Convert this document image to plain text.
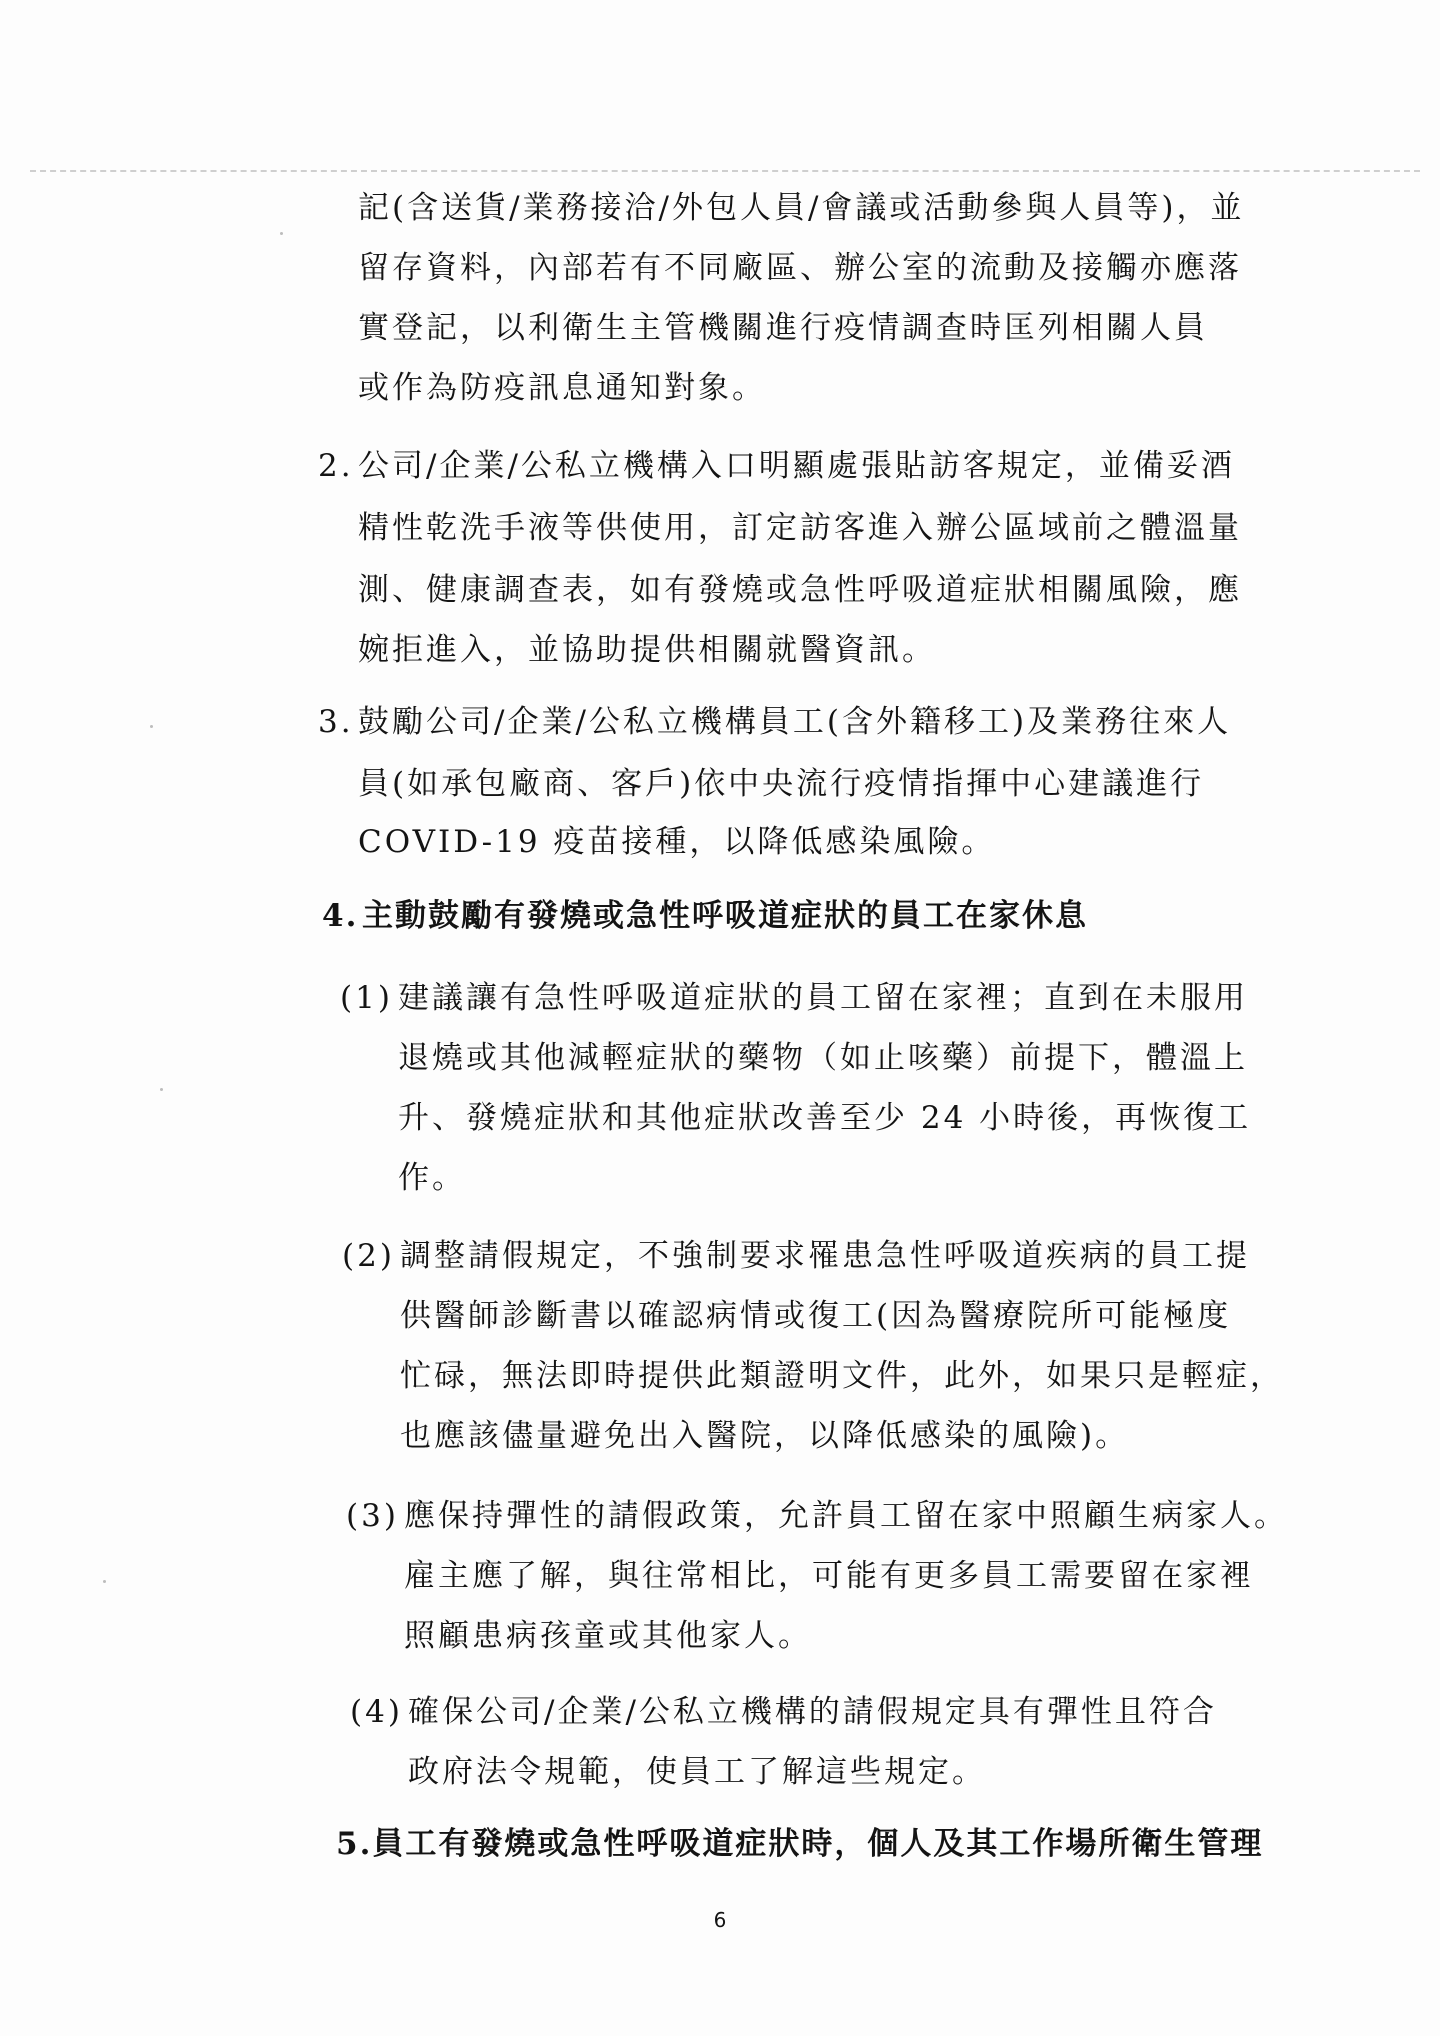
記(含送貨/業務接洽/外包人員/會議或活動參與人員等)，並
留存資料，內部若有不同廠區、辦公室的流動及接觸亦應落
實登記，以利衛生主管機關進行疫情調查時匡列相關人員
或作為防疫訊息通知對象。
2. 公司/企業/公私立機構入口明顯處張貼訪客規定，並備妥酒
精性乾洗手液等供使用，訂定訪客進入辦公區域前之體溫量
測、健康調查表，如有發燒或急性呼吸道症狀相關風險，應
婉拒進入，並協助提供相關就醫資訊。
3. 鼓勵公司/企業/公私立機構員工(含外籍移工)及業務往來人
員(如承包廠商、客戶)依中央流行疫情指揮中心建議進行
COVID-19 疫苗接種，以降低感染風險。
4. 主動鼓勵有發燒或急性呼吸道症狀的員工在家休息
(1) 建議讓有急性呼吸道症狀的員工留在家裡；直到在未服用
退燒或其他減輕症狀的藥物（如止咳藥）前提下，體溫上
升、發燒症狀和其他症狀改善至少 24 小時後，再恢復工
作。
(2) 調整請假規定，不強制要求罹患急性呼吸道疾病的員工提
供醫師診斷書以確認病情或復工(因為醫療院所可能極度
忙碌，無法即時提供此類證明文件，此外，如果只是輕症，
也應該儘量避免出入醫院，以降低感染的風險)。
(3) 應保持彈性的請假政策，允許員工留在家中照顧生病家人。
雇主應了解，與往常相比，可能有更多員工需要留在家裡
照顧患病孩童或其他家人。
(4) 確保公司/企業/公私立機構的請假規定具有彈性且符合
政府法令規範，使員工了解這些規定。
5.員工有發燒或急性呼吸道症狀時，個人及其工作場所衛生管理
6
